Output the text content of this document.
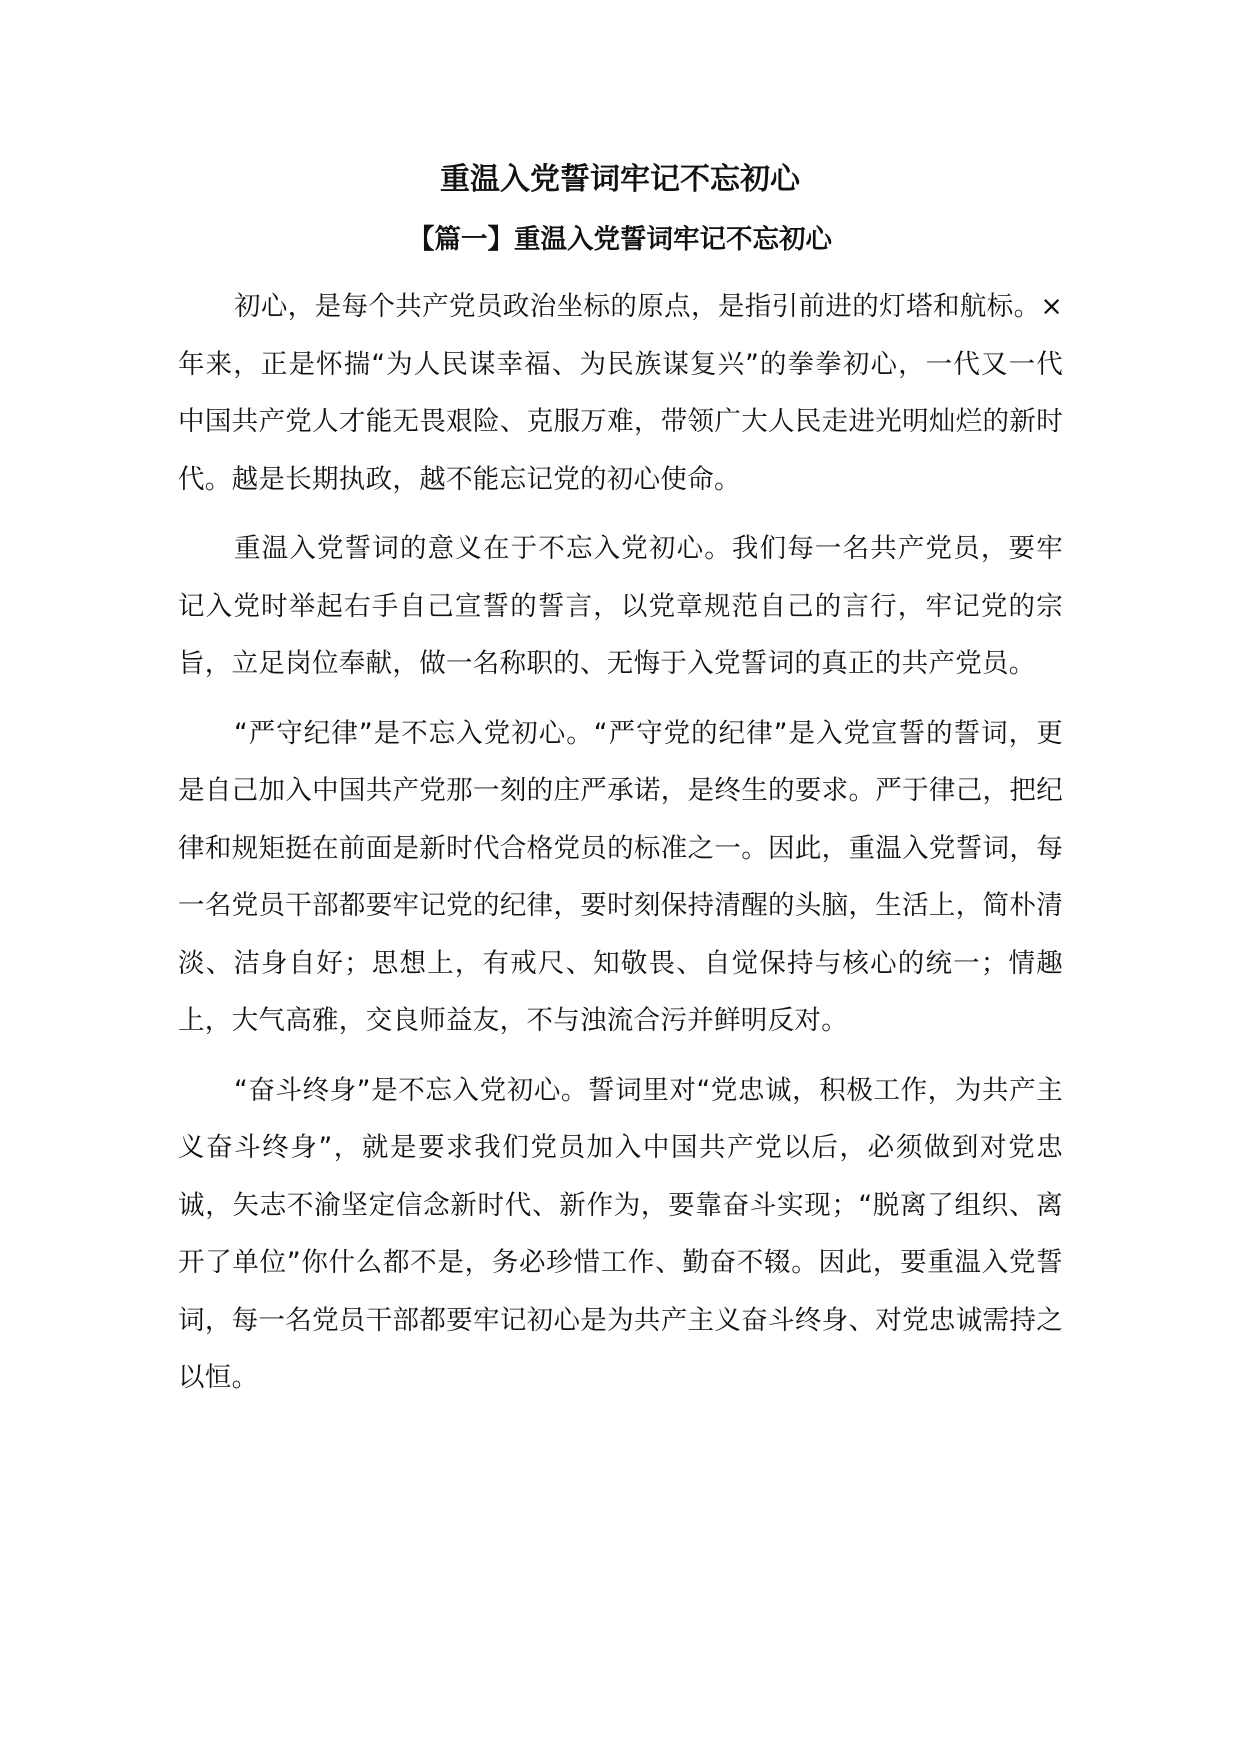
重温入党誓词牢记不忘初心
【篇一】重温入党誓词牢记不忘初心

初心，是每个共产党员政治坐标的原点，是指引前进的灯塔和航标。×年来，正是怀揣“为人民谋幸福、为民族谋复兴”的拳拳初心，一代又一代中国共产党人才能无畏艰险、克服万难，带领广大人民走进光明灿烂的新时代。越是长期执政，越不能忘记党的初心使命。

重温入党誓词的意义在于不忘入党初心。我们每一名共产党员，要牢记入党时举起右手自己宣誓的誓言，以党章规范自己的言行，牢记党的宗旨，立足岗位奉献，做一名称职的、无悔于入党誓词的真正的共产党员。

“严守纪律”是不忘入党初心。“严守党的纪律”是入党宣誓的誓词，更是自己加入中国共产党那一刻的庄严承诺，是终生的要求。严于律己，把纪律和规矩挺在前面是新时代合格党员的标准之一。因此，重温入党誓词，每一名党员干部都要牢记党的纪律，要时刻保持清醒的头脑，生活上，简朴清淡、洁身自好；思想上，有戒尺、知敬畏、自觉保持与核心的统一；情趣上，大气高雅，交良师益友，不与浊流合污并鲜明反对。

“奋斗终身”是不忘入党初心。誓词里对“党忠诚，积极工作，为共产主义奋斗终身”，就是要求我们党员加入中国共产党以后，必须做到对党忠诚，矢志不渝坚定信念新时代、新作为，要靠奋斗实现；“脱离了组织、离开了单位”你什么都不是，务必珍惜工作、勤奋不辍。因此，要重温入党誓词，每一名党员干部都要牢记初心是为共产主义奋斗终身、对党忠诚需持之以恒。
